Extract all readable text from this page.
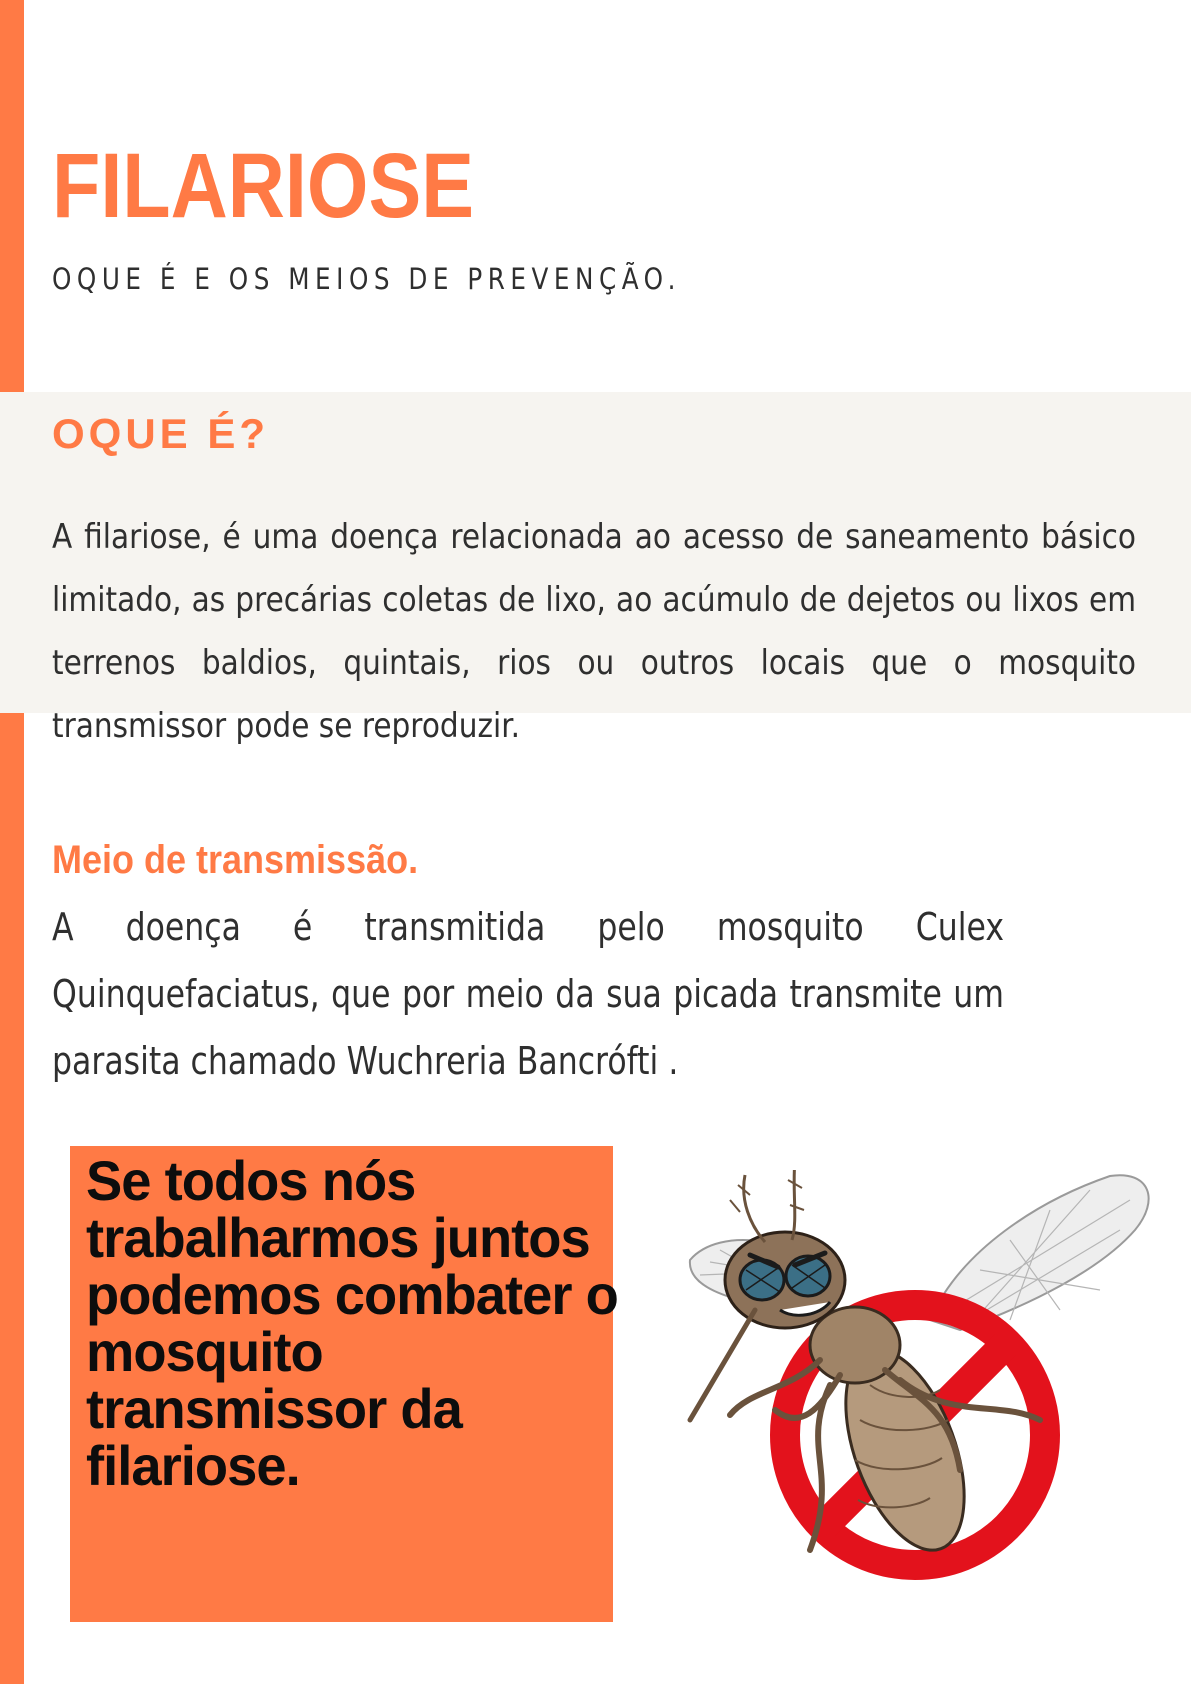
FILARIOSE
OQUE É E OS MEIOS DE PREVENÇÃO.
OQUE É?

A filariose, é uma doença relacionada ao acesso de saneamento básico limitado, as precárias coletas de lixo, ao acúmulo de dejetos ou lixos em terrenos baldios, quintais, rios ou outros locais que o mosquito transmissor pode se reproduzir.

Meio de transmissão.

A doença é transmitida pelo mosquito Culex Quinquefaciatus, que por meio da sua picada transmite um parasita chamado Wuchreria Bancrófti .

Se todos nós trabalharmos juntos podemos combater o mosquito transmissor da filariose.
